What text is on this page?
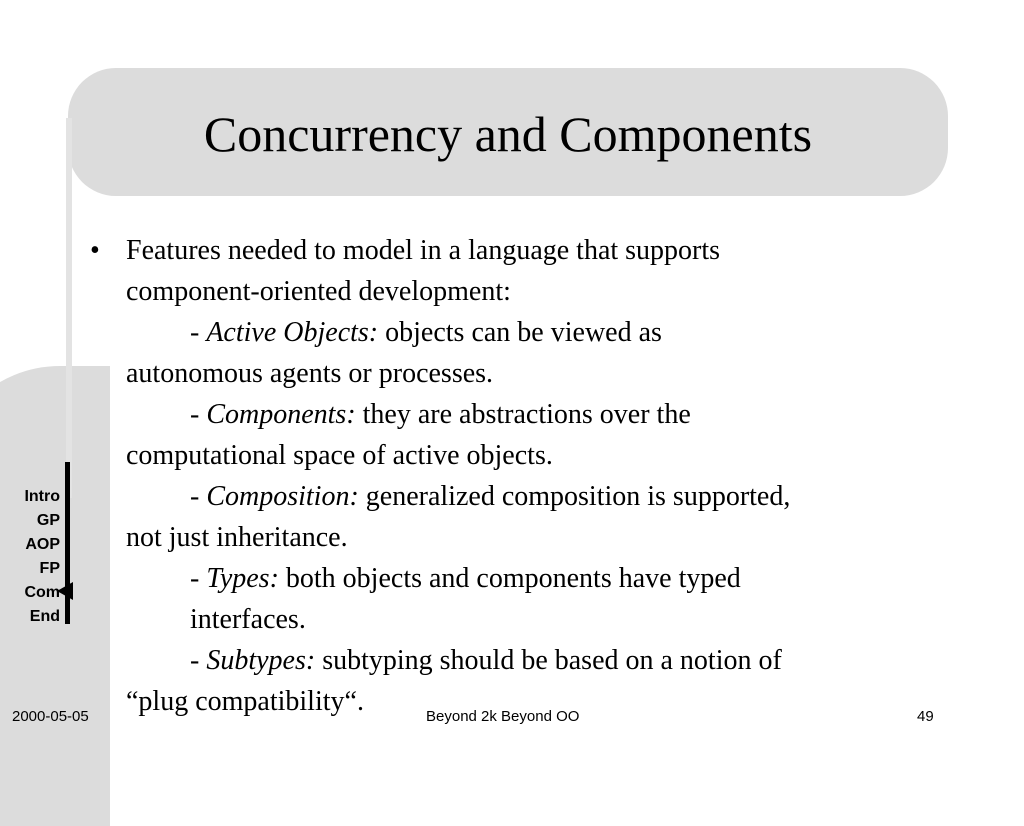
Concurrency and Components
• Features needed to model in a language that supports
component-oriented development:
- Active Objects: objects can be viewed as
autonomous agents or processes.
- Components: they are abstractions over the
computational space of active objects.
- Composition: generalized composition is supported,
not just inheritance.
- Types: both objects and components have typed
interfaces.
- Subtypes: subtyping should be based on a notion of
“plug compatibility“.
Intro
GP
AOP
FP
Com
End
2000-05-05	Beyond 2k Beyond OO	49
